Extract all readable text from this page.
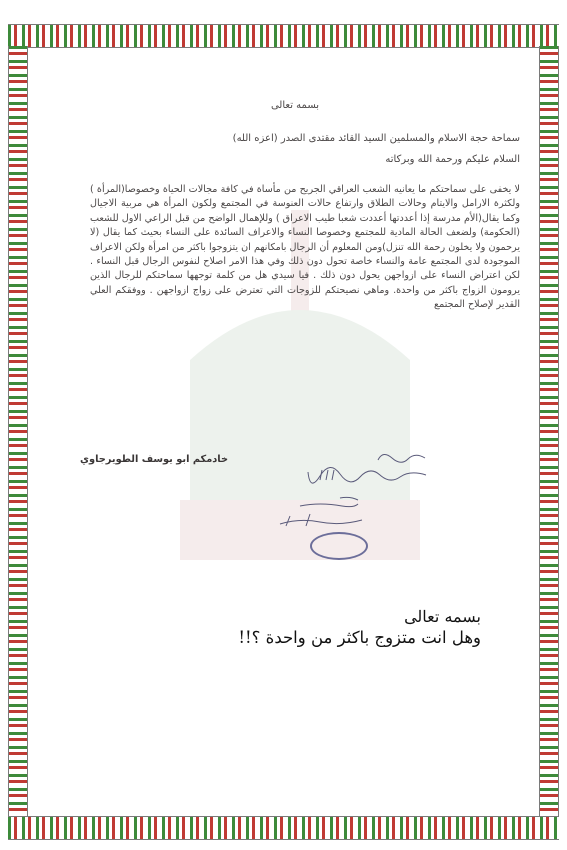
بسمه تعالى
سماحة حجة الاسلام والمسلمين السيد القائد مقتدى الصدر (اعزه الله)
السلام عليكم ورحمة الله وبركاته
لا يخفى على سماحتكم ما يعانيه الشعب العراقي الجريح من مأساة في كافة مجالات الحياة وخصوصا(المرأة ) ولكثرة الارامل والايتام وحالات الطلاق وارتفاع حالات العنوسة في المجتمع ولكون المرأة هي مربية الاجيال وكما يقال(الأم مدرسة إذا أعددتها أعددت شعبا طيب الاعراق ) وللإهمال الواضح من قبل الراعي الاول للشعب (الحكومة) ولضعف الحالة المادية للمجتمع وخصوصا النساء والاعراف السائدة على النساء بحيث كما يقال (لا يرحمون ولا يخلون رحمة الله تنزل)ومن المعلوم أن الرجال بامكانهم ان يتزوجوا باكثر من امرأة ولكن الاعراف الموجودة لدى المجتمع عامة والنساء خاصة تحول دون ذلك وفي هذا الامر اصلاح لنفوس الرجال قبل النساء . لكن اعتراض النساء على ازواجهن يحول دون ذلك . فيا سيدي هل من كلمة توجهها سماحتكم للرجال الذين يرومون الزواج باكثر من واحدة. وماهي نصيحتكم للزوجات التي تعترض على زواج ازواجهن . ووفقكم العلي القدير لإصلاح المجتمع
خادمكم ابو يوسف الطويرجاوي
بسمه تعالى
وهل انت متزوج باكثر من واحدة ؟!!
